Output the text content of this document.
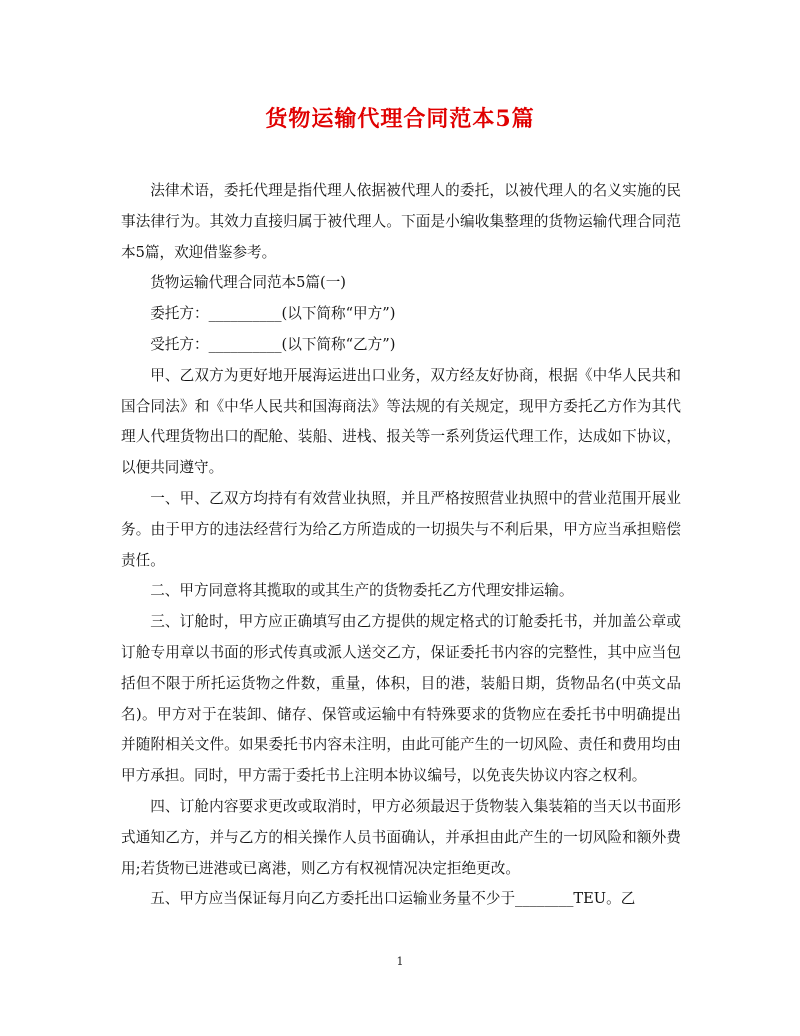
货物运输代理合同范本5篇

法律术语，委托代理是指代理人依据被代理人的委托，以被代理人的名义实施的民事法律行为。其效力直接归属于被代理人。下面是小编收集整理的货物运输代理合同范本5篇，欢迎借鉴参考。

货物运输代理合同范本5篇(一)

委托方：__________(以下简称“甲方”)

受托方：__________(以下简称“乙方”)

甲、乙双方为更好地开展海运进出口业务，双方经友好协商，根据《中华人民共和国合同法》和《中华人民共和国海商法》等法规的有关规定，现甲方委托乙方作为其代理人代理货物出口的配舱、装船、进栈、报关等一系列货运代理工作，达成如下协议，以便共同遵守。

一、甲、乙双方均持有有效营业执照，并且严格按照营业执照中的营业范围开展业务。由于甲方的违法经营行为给乙方所造成的一切损失与不利后果，甲方应当承担赔偿责任。

二、甲方同意将其揽取的或其生产的货物委托乙方代理安排运输。

三、订舱时，甲方应正确填写由乙方提供的规定格式的订舱委托书，并加盖公章或订舱专用章以书面的形式传真或派人送交乙方，保证委托书内容的完整性，其中应当包括但不限于所托运货物之件数，重量，体积，目的港，装船日期，货物品名(中英文品名)。甲方对于在装卸、储存、保管或运输中有特殊要求的货物应在委托书中明确提出并随附相关文件。如果委托书内容未注明，由此可能产生的一切风险、责任和费用均由甲方承担。同时，甲方需于委托书上注明本协议编号，以免丧失协议内容之权利。

四、订舱内容要求更改或取消时，甲方必须最迟于货物装入集装箱的当天以书面形式通知乙方，并与乙方的相关操作人员书面确认，并承担由此产生的一切风险和额外费用;若货物已进港或已离港，则乙方有权视情况决定拒绝更改。

五、甲方应当保证每月向乙方委托出口运输业务量不少于________TEU。乙

1
